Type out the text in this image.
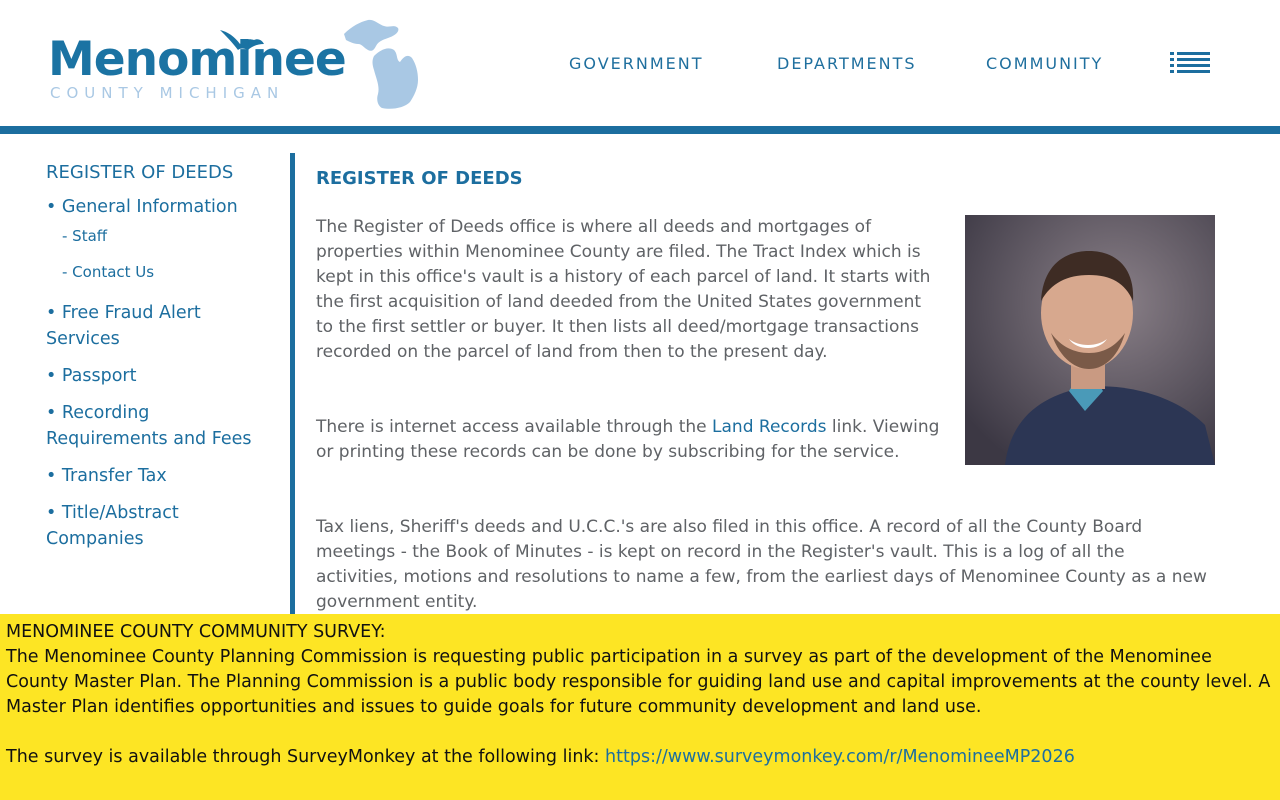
Menominee
COUNTY MICHIGAN
GOVERNMENT	DEPARTMENTS	COMMUNITY
REGISTER OF DEEDS
• General Information
- Staff
- Contact Us
• Free Fraud Alert Services
• Passport
• Recording Requirements and Fees
• Transfer Tax
• Title/Abstract Companies
REGISTER OF DEEDS

The Register of Deeds office is where all deeds and mortgages of properties within Menominee County are filed. The Tract Index which is kept in this office's vault is a history of each parcel of land. It starts with the first acquisition of land deeded from the United States government to the first settler or buyer. It then lists all deed/mortgage transactions recorded on the parcel of land from then to the present day.

There is internet access available through the Land Records link. Viewing or printing these records can be done by subscribing for the service.

Tax liens, Sheriff's deeds and U.C.C.'s are also filed in this office. A record of all the County Board meetings - the Book of Minutes - is kept on record in the Register's vault. This is a log of all the activities, motions and resolutions to name a few, from the earliest days of Menominee County as a new government entity.

MENOMINEE COUNTY COMMUNITY SURVEY:

The Menominee County Planning Commission is requesting public participation in a survey as part of the development of the Menominee County Master Plan. The Planning Commission is a public body responsible for guiding land use and capital improvements at the county level. A Master Plan identifies opportunities and issues to guide goals for future community development and land use.

The survey is available through SurveyMonkey at the following link: https://www.surveymonkey.com/r/MenomineeMP2026
